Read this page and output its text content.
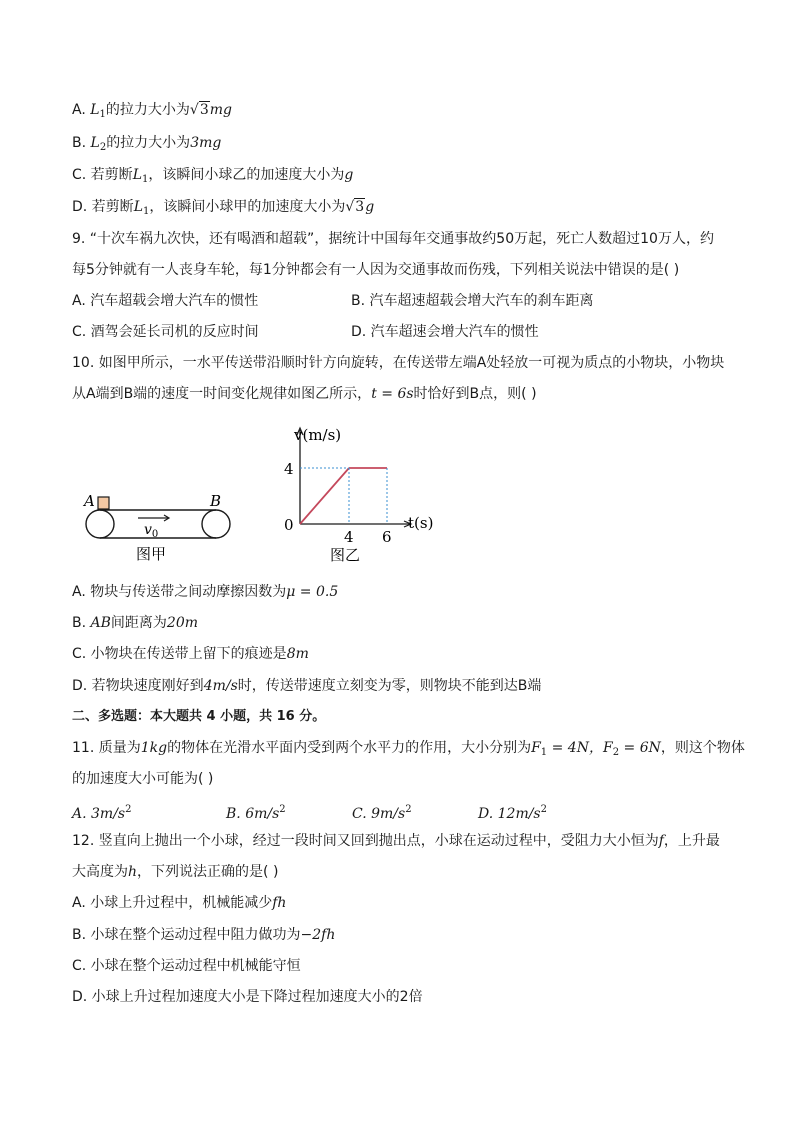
A. $L_1$的拉力大小为√3mg
B. $L_2$的拉力大小为3mg
C. 若剪断$L_1$，该瞬间小球乙的加速度大小为g
D. 若剪断$L_1$，该瞬间小球甲的加速度大小为√3g
9. “十次车祸九次快，还有喝酒和超载”，据统计中国每年交通事故约50万起，死亡人数超过10万人，约
每5分钟就有一人丧身车轮，每1分钟都会有一人因为交通事故而伤残，下列相关说法中错误的是( )
A. 汽车超载会增大汽车的惯性	B. 汽车超速超载会增大汽车的刹车距离
C. 酒驾会延长司机的反应时间	D. 汽车超速会增大汽车的惯性
10. 如图甲所示，一水平传送带沿顺时针方向旋转，在传送带左端A处轻放一可视为质点的小物块，小物块
从A端到B端的速度一时间变化规律如图乙所示，t = 6s时恰好到B点，则( )
A	B
$v_0$
图甲
v(m/s)
t(s)
4
0
4 6
图乙
A. 物块与传送带之间动摩擦因数为μ = 0.5
B. AB间距离为20m
C. 小物块在传送带上留下的痕迹是8m
D. 若物块速度刚好到4m/s时，传送带速度立刻变为零，则物块不能到达B端
二、多选题：本大题共 4 小题，共 16 分。
11. 质量为1kg的物体在光滑水平面内受到两个水平力的作用，大小分别为$F_1 = 4N$，$F_2 = 6N$，则这个物体
的加速度大小可能为( )
A. $3m/s^2$	B. $6m/s^2$	C. $9m/s^2$	D. $12m/s^2$
12. 竖直向上抛出一个小球，经过一段时间又回到抛出点，小球在运动过程中，受阻力大小恒为f，上升最
大高度为h，下列说法正确的是( )
A. 小球上升过程中，机械能减少fh
B. 小球在整个运动过程中阻力做功为−2fh
C. 小球在整个运动过程中机械能守恒
D. 小球上升过程加速度大小是下降过程加速度大小的2倍
